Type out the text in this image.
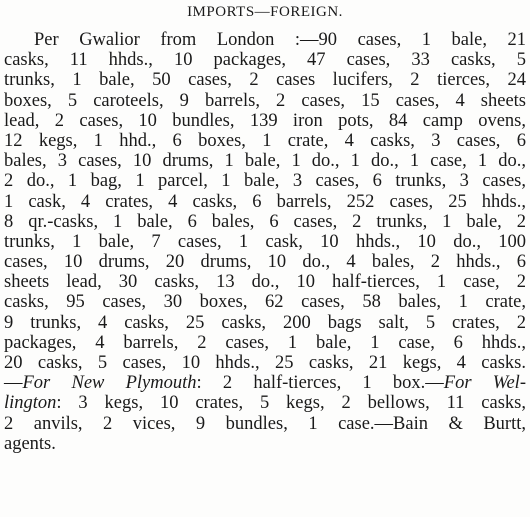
IMPORTS—FOREIGN.
Per Gwalior from London :—90 cases, 1 bale, 21
casks, 11 hhds., 10 packages, 47 cases, 33 casks, 5
trunks, 1 bale, 50 cases, 2 cases lucifers, 2 tierces, 24
boxes, 5 caroteels, 9 barrels, 2 cases, 15 cases, 4 sheets
lead, 2 cases, 10 bundles, 139 iron pots, 84 camp ovens,
12 kegs, 1 hhd., 6 boxes, 1 crate, 4 casks, 3 cases, 6
bales, 3 cases, 10 drums, 1 bale, 1 do., 1 do., 1 case, 1 do.,
2 do., 1 bag, 1 parcel, 1 bale, 3 cases, 6 trunks, 3 cases,
1 cask, 4 crates, 4 casks, 6 barrels, 252 cases, 25 hhds.,
8 qr.-casks, 1 bale, 6 bales, 6 cases, 2 trunks, 1 bale, 2
trunks, 1 bale, 7 cases, 1 cask, 10 hhds., 10 do., 100
cases, 10 drums, 20 drums, 10 do., 4 bales, 2 hhds., 6
sheets lead, 30 casks, 13 do., 10 half-tierces, 1 case, 2
casks, 95 cases, 30 boxes, 62 cases, 58 bales, 1 crate,
9 trunks, 4 casks, 25 casks, 200 bags salt, 5 crates, 2
packages, 4 barrels, 2 cases, 1 bale, 1 case, 6 hhds.,
20 casks, 5 cases, 10 hhds., 25 casks, 21 kegs, 4 casks.
—For New Plymouth: 2 half-tierces, 1 box.—For Wel-
lington: 3 kegs, 10 crates, 5 kegs, 2 bellows, 11 casks,
2 anvils, 2 vices, 9 bundles, 1 case.—Bain & Burtt,
agents.
